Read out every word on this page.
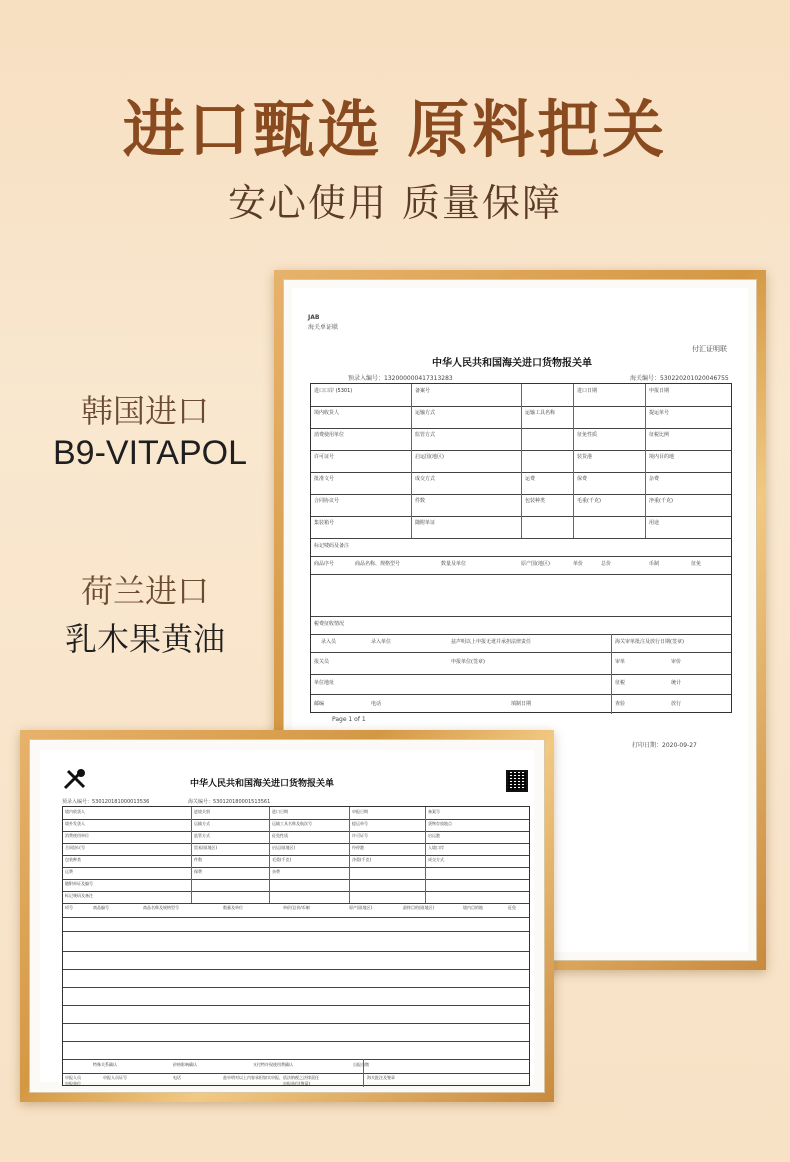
进口甄选 原料把关
安心使用 质量保障
韩国进口
B9-VITAPOL
荷兰进口
乳木果黄油
JAB
海关单证联
付汇证明联
中华人民共和国海关进口货物报关单
预录入编号：132000000417313283	海关编号：530220201020046755
进口口岸 (5301)	备案号	进口日期	申报日期
境内收货人	运输方式	运输工具名称	提运单号
消费使用单位	监管方式	征免性质	征税比例
许可证号	启运国(地区)	装货港	境内目的地
批准文号	成交方式	运费	保费	杂费
合同协议号	件数	包装种类	毛重(千克)	净重(千克)
集装箱号	随附单证	用途
标记唛码及备注
商品序号	商品名称、规格型号	数量及单位	原产国(地区)	单价	总价	币制	征免
税费征收情况
录入员	录入单位	兹声明以上申报无讹并承担法律责任	海关审单批注及放行日期(签章)
报关员	申报单位(签章)	审单	审价
单位地址	征税	统计
邮编	电话	填制日期	查验	放行
Page 1 of 1
打印日期：2020-09-27
中华人民共和国海关进口货物报关单
预录入编号：530120181000013536	海关编号：530120180001513561
境内收货人	进境关别	进口日期	申报日期	备案号
境外发货人	运输方式	运输工具名称及航次号	提运单号	货物存放地点
消费使用单位	监管方式	征免性质	许可证号	启运港
合同协议号	贸易国(地区)	启运国(地区)	经停港	入境口岸
包装种类	件数	毛重(千克)	净重(千克)	成交方式
运费	保费	杂费
随附单证及编号
标记唛码及备注
项号	商品编号	商品名称及规格型号	数量及单位	单价/总价/币制	原产国(地区)	最终目的国(地区)	境内目的地	征免
特殊关系确认	价格影响确认	支付特许权使用费确认	自报自缴
申报人员	申报人员证号	电话	兹申明对以上内容承担如实申报、依法纳税之法律责任	海关批注及签章
申报单位	申报单位(签章)
